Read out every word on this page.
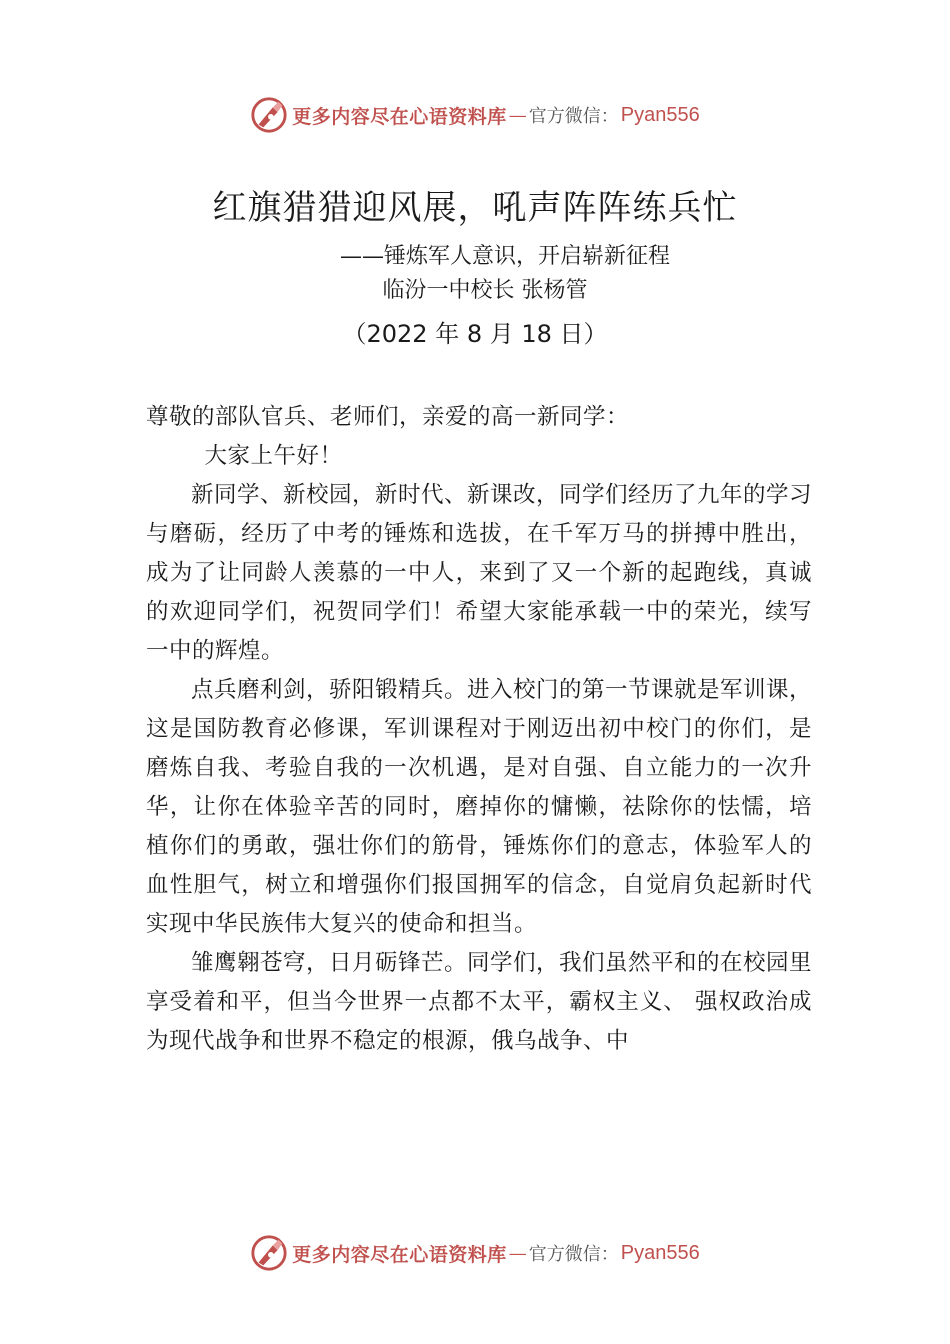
更多内容尽在心语资料库 — 官方微信： Pyan556
红旗猎猎迎风展，吼声阵阵练兵忙
——锤炼军人意识，开启崭新征程
临汾一中校长 张杨管
（2022 年 8 月 18 日）

尊敬的部队官兵、老师们，亲爱的高一新同学：

大家上午好！

新同学、新校园，新时代、新课改，同学们经历了九年的学习与磨砺，经历了中考的锤炼和选拔，在千军万马的拼搏中胜出，成为了让同龄人羡慕的一中人，来到了又一个新的起跑线，真诚的欢迎同学们，祝贺同学们！希望大家能承载一中的荣光，续写一中的辉煌。

点兵磨利剑，骄阳锻精兵。进入校门的第一节课就是军训课，这是国防教育必修课，军训课程对于刚迈出初中校门的你们，是磨炼自我、考验自我的一次机遇，是对自强、自立能力的一次升华，让你在体验辛苦的同时，磨掉你的慵懒，祛除你的怯懦，培植你们的勇敢，强壮你们的筋骨，锤炼你们的意志，体验军人的血性胆气，树立和增强你们报国拥军的信念，自觉肩负起新时代实现中华民族伟大复兴的使命和担当。

雏鹰翱苍穹，日月砺锋芒。同学们，我们虽然平和的在校园里享受着和平，但当今世界一点都不太平，霸权主义、 强权政治成为现代战争和世界不稳定的根源，俄乌战争、中

更多内容尽在心语资料库 — 官方微信： Pyan556
